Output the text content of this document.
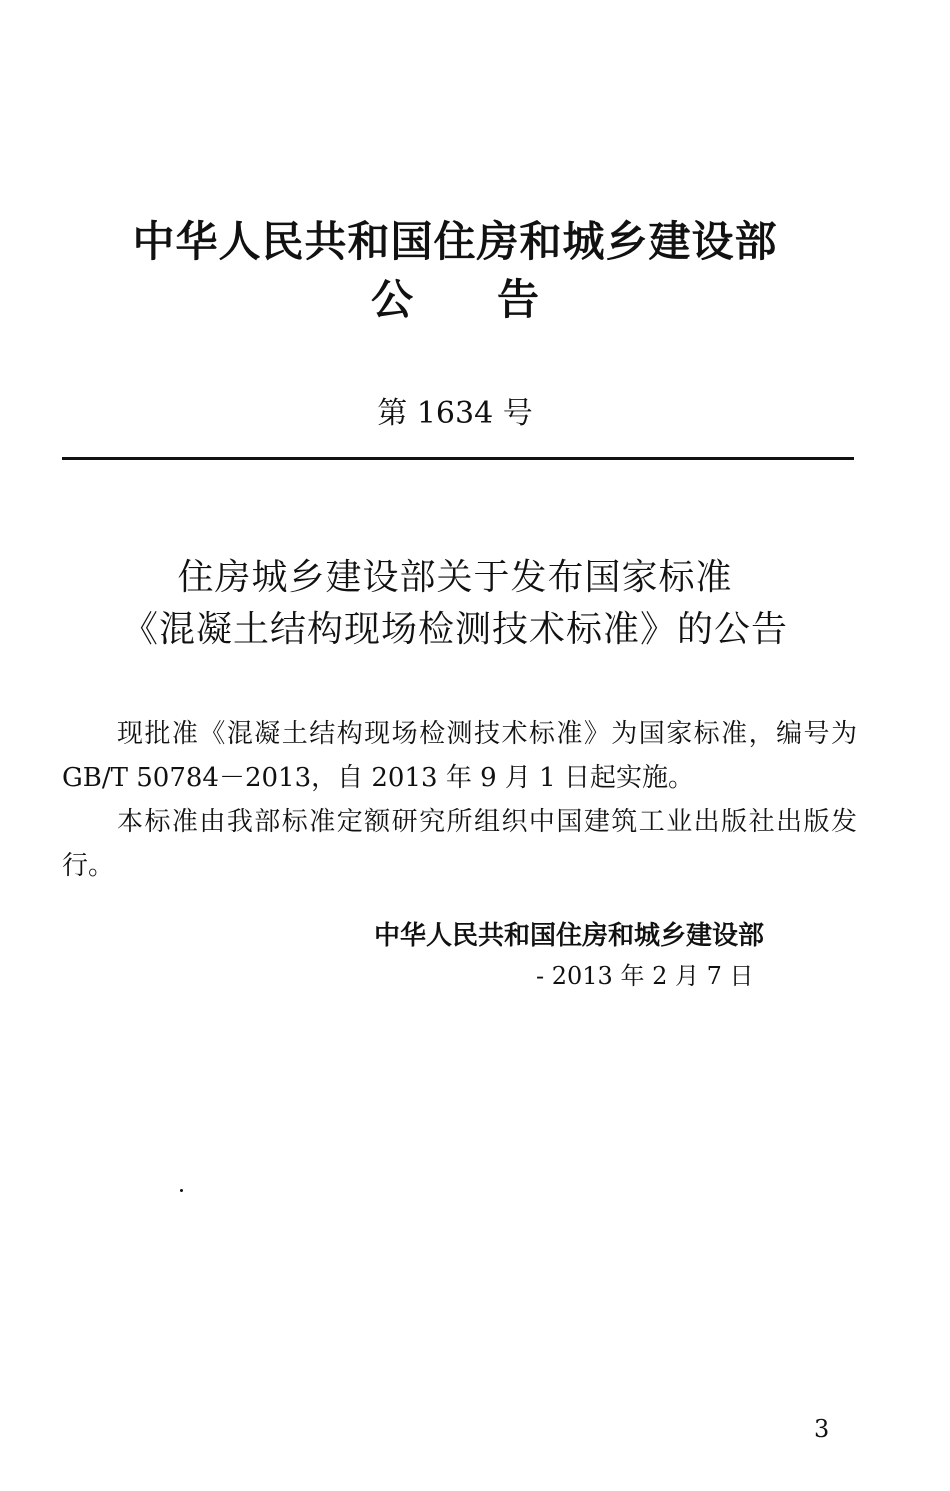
中华人民共和国住房和城乡建设部
公　　告
第 1634 号
住房城乡建设部关于发布国家标准
《混凝土结构现场检测技术标准》的公告

现批准《混凝土结构现场检测技术标准》为国家标准，编号为 GB/T 50784－2013，自 2013 年 9 月 1 日起实施。

本标准由我部标准定额研究所组织中国建筑工业出版社出版发行。

中华人民共和国住房和城乡建设部
- 2013 年 2 月 7 日
3
